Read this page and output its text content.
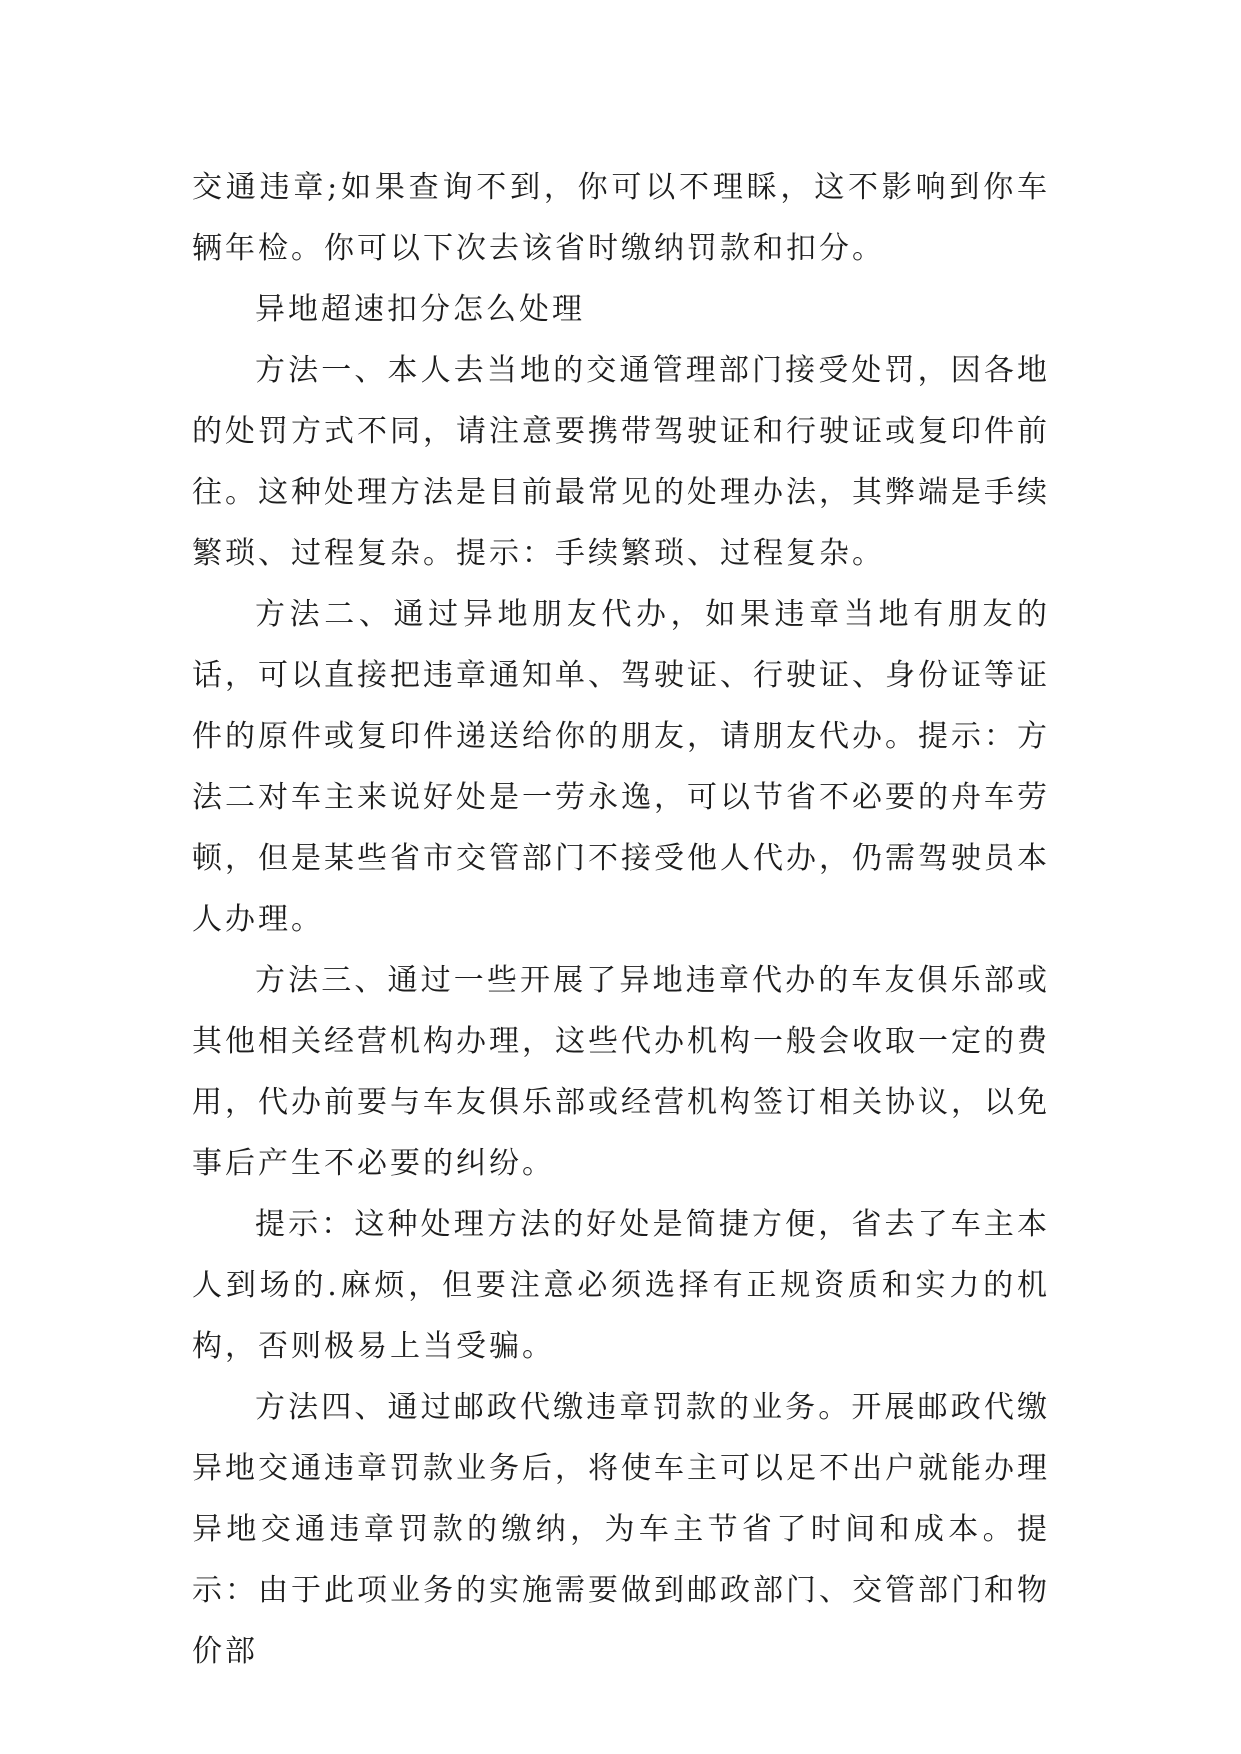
交通违章;如果查询不到，你可以不理睬，这不影响到你车辆年检。你可以下次去该省时缴纳罚款和扣分。

异地超速扣分怎么处理

方法一、本人去当地的交通管理部门接受处罚，因各地的处罚方式不同，请注意要携带驾驶证和行驶证或复印件前往。这种处理方法是目前最常见的处理办法，其弊端是手续繁琐、过程复杂。提示：手续繁琐、过程复杂。

方法二、通过异地朋友代办，如果违章当地有朋友的话，可以直接把违章通知单、驾驶证、行驶证、身份证等证件的原件或复印件递送给你的朋友，请朋友代办。提示：方法二对车主来说好处是一劳永逸，可以节省不必要的舟车劳顿，但是某些省市交管部门不接受他人代办，仍需驾驶员本人办理。

方法三、通过一些开展了异地违章代办的车友俱乐部或其他相关经营机构办理，这些代办机构一般会收取一定的费用，代办前要与车友俱乐部或经营机构签订相关协议，以免事后产生不必要的纠纷。

提示：这种处理方法的好处是简捷方便，省去了车主本人到场的.麻烦，但要注意必须选择有正规资质和实力的机构，否则极易上当受骗。

方法四、通过邮政代缴违章罚款的业务。开展邮政代缴异地交通违章罚款业务后，将使车主可以足不出户就能办理异地交通违章罚款的缴纳，为车主节省了时间和成本。提示：由于此项业务的实施需要做到邮政部门、交管部门和物价部
